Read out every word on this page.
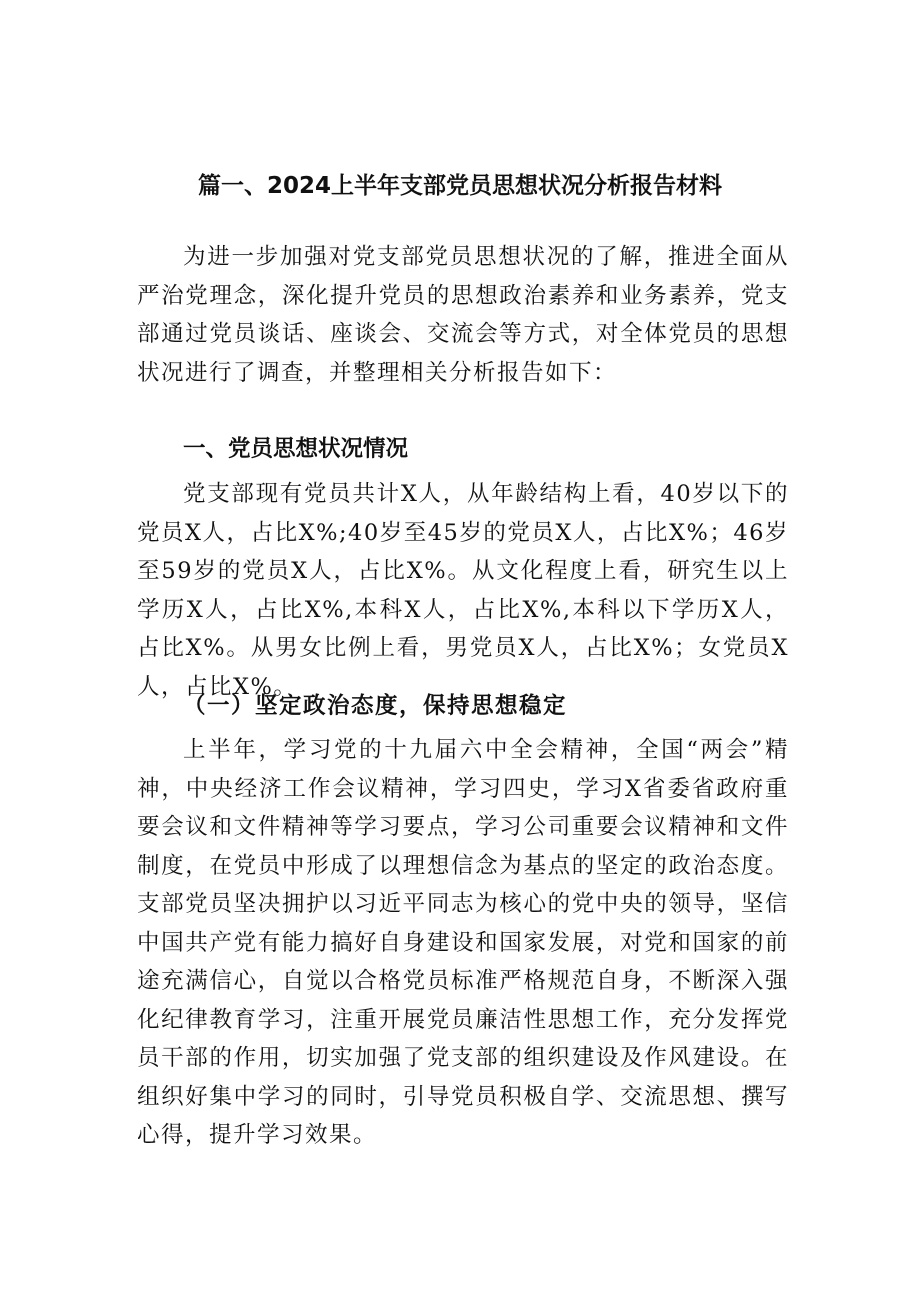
篇一、2024上半年支部党员思想状况分析报告材料

为进一步加强对党支部党员思想状况的了解，推进全面从严治党理念，深化提升党员的思想政治素养和业务素养，党支部通过党员谈话、座谈会、交流会等方式，对全体党员的思想状况进行了调查，并整理相关分析报告如下：

一、党员思想状况情况

党支部现有党员共计X人，从年龄结构上看，40岁以下的党员X人，占比X%;40岁至45岁的党员X人，占比X%；46岁至59岁的党员X人，占比X%。从文化程度上看，研究生以上学历X人，占比X%,本科X人，占比X%,本科以下学历X人，占比X%。从男女比例上看，男党员X人，占比X%；女党员X人，占比X%。

（一）坚定政治态度，保持思想稳定

上半年，学习党的十九届六中全会精神，全国“两会”精神，中央经济工作会议精神，学习四史，学习X省委省政府重要会议和文件精神等学习要点，学习公司重要会议精神和文件制度，在党员中形成了以理想信念为基点的坚定的政治态度。支部党员坚决拥护以习近平同志为核心的党中央的领导，坚信中国共产党有能力搞好自身建设和国家发展，对党和国家的前途充满信心，自觉以合格党员标准严格规范自身，不断深入强化纪律教育学习，注重开展党员廉洁性思想工作，充分发挥党员干部的作用，切实加强了党支部的组织建设及作风建设。在组织好集中学习的同时，引导党员积极自学、交流思想、撰写心得，提升学习效果。
